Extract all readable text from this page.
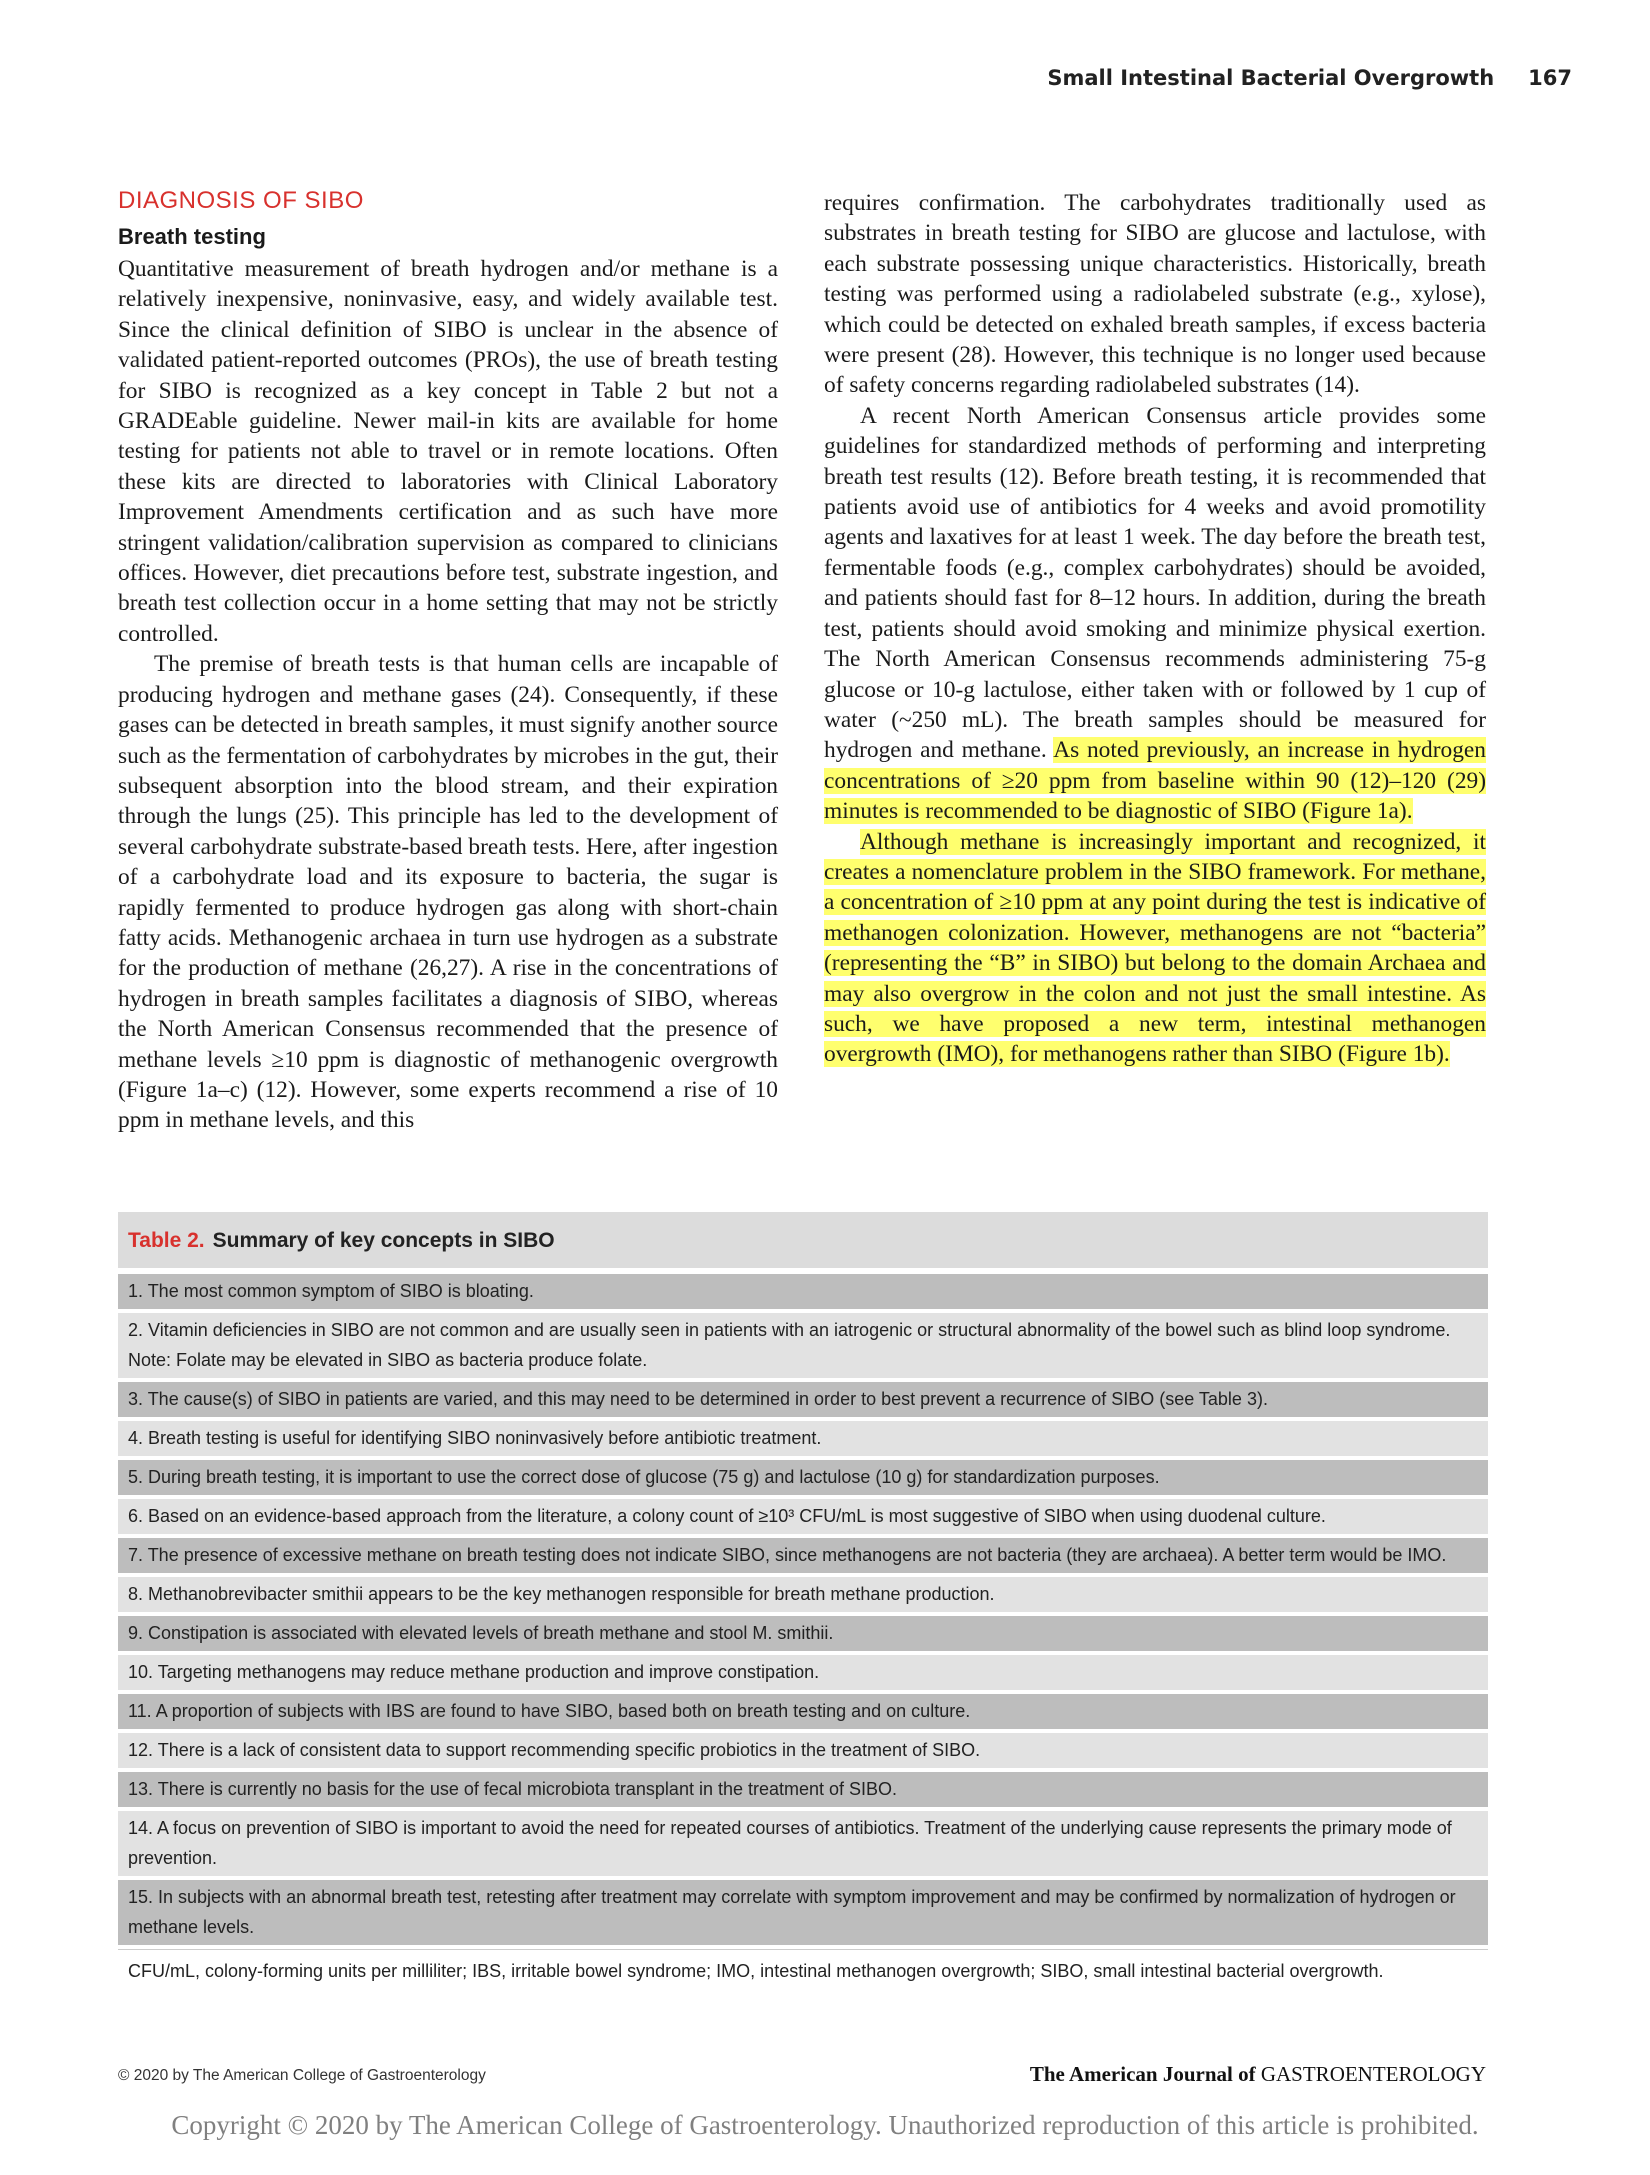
Small Intestinal Bacterial Overgrowth 167
DIAGNOSIS OF SIBO
Breath testing

Quantitative measurement of breath hydrogen and/or methane is a relatively inexpensive, noninvasive, easy, and widely available test. Since the clinical definition of SIBO is unclear in the absence of validated patient-reported outcomes (PROs), the use of breath testing for SIBO is recognized as a key concept in Table 2 but not a GRADEable guideline. Newer mail-in kits are available for home testing for patients not able to travel or in remote locations. Often these kits are directed to laboratories with Clinical Laboratory Improvement Amendments certification and as such have more stringent validation/calibration supervision as compared to clinicians offices. However, diet precautions before test, substrate ingestion, and breath test collection occur in a home setting that may not be strictly controlled.

The premise of breath tests is that human cells are incapable of producing hydrogen and methane gases (24). Consequently, if these gases can be detected in breath samples, it must signify another source such as the fermentation of carbohydrates by microbes in the gut, their subsequent absorption into the blood stream, and their expiration through the lungs (25). This principle has led to the development of several carbohydrate substrate-based breath tests. Here, after ingestion of a carbohydrate load and its exposure to bacteria, the sugar is rapidly fermented to produce hydrogen gas along with short-chain fatty acids. Methanogenic archaea in turn use hydrogen as a substrate for the production of methane (26,27). A rise in the concentrations of hydrogen in breath samples facilitates a diagnosis of SIBO, whereas the North American Consensus recommended that the presence of methane levels ≥10 ppm is diagnostic of methanogenic overgrowth (Figure 1a–c) (12). However, some experts recommend a rise of 10 ppm in methane levels, and this

requires confirmation. The carbohydrates traditionally used as substrates in breath testing for SIBO are glucose and lactulose, with each substrate possessing unique characteristics. Historically, breath testing was performed using a radiolabeled substrate (e.g., xylose), which could be detected on exhaled breath samples, if excess bacteria were present (28). However, this technique is no longer used because of safety concerns regarding radiolabeled substrates (14).

A recent North American Consensus article provides some guidelines for standardized methods of performing and interpreting breath test results (12). Before breath testing, it is recommended that patients avoid use of antibiotics for 4 weeks and avoid promotility agents and laxatives for at least 1 week. The day before the breath test, fermentable foods (e.g., complex carbohydrates) should be avoided, and patients should fast for 8–12 hours. In addition, during the breath test, patients should avoid smoking and minimize physical exertion. The North American Consensus recommends administering 75-g glucose or 10-g lactulose, either taken with or followed by 1 cup of water (~250 mL). The breath samples should be measured for hydrogen and methane. As noted previously, an increase in hydrogen concentrations of ≥20 ppm from baseline within 90 (12)–120 (29) minutes is recommended to be diagnostic of SIBO (Figure 1a).

Although methane is increasingly important and recognized, it creates a nomenclature problem in the SIBO framework. For methane, a concentration of ≥10 ppm at any point during the test is indicative of methanogen colonization. However, methanogens are not “bacteria” (representing the “B” in SIBO) but belong to the domain Archaea and may also overgrow in the colon and not just the small intestine. As such, we have proposed a new term, intestinal methanogen overgrowth (IMO), for methanogens rather than SIBO (Figure 1b).

Table 2. Summary of key concepts in SIBO
1. The most common symptom of SIBO is bloating.
2. Vitamin deficiencies in SIBO are not common and are usually seen in patients with an iatrogenic or structural abnormality of the bowel such as blind loop syndrome. Note: Folate may be elevated in SIBO as bacteria produce folate.
3. The cause(s) of SIBO in patients are varied, and this may need to be determined in order to best prevent a recurrence of SIBO (see Table 3).
4. Breath testing is useful for identifying SIBO noninvasively before antibiotic treatment.
5. During breath testing, it is important to use the correct dose of glucose (75 g) and lactulose (10 g) for standardization purposes.
6. Based on an evidence-based approach from the literature, a colony count of ≥10³ CFU/mL is most suggestive of SIBO when using duodenal culture.
7. The presence of excessive methane on breath testing does not indicate SIBO, since methanogens are not bacteria (they are archaea). A better term would be IMO.
8. Methanobrevibacter smithii appears to be the key methanogen responsible for breath methane production.
9. Constipation is associated with elevated levels of breath methane and stool M. smithii.
10. Targeting methanogens may reduce methane production and improve constipation.
11. A proportion of subjects with IBS are found to have SIBO, based both on breath testing and on culture.
12. There is a lack of consistent data to support recommending specific probiotics in the treatment of SIBO.
13. There is currently no basis for the use of fecal microbiota transplant in the treatment of SIBO.
14. A focus on prevention of SIBO is important to avoid the need for repeated courses of antibiotics. Treatment of the underlying cause represents the primary mode of prevention.
15. In subjects with an abnormal breath test, retesting after treatment may correlate with symptom improvement and may be confirmed by normalization of hydrogen or methane levels.
CFU/mL, colony-forming units per milliliter; IBS, irritable bowel syndrome; IMO, intestinal methanogen overgrowth; SIBO, small intestinal bacterial overgrowth.
© 2020 by The American College of Gastroenterology	The American Journal of GASTROENTEROLOGY
Copyright © 2020 by The American College of Gastroenterology. Unauthorized reproduction of this article is prohibited.
